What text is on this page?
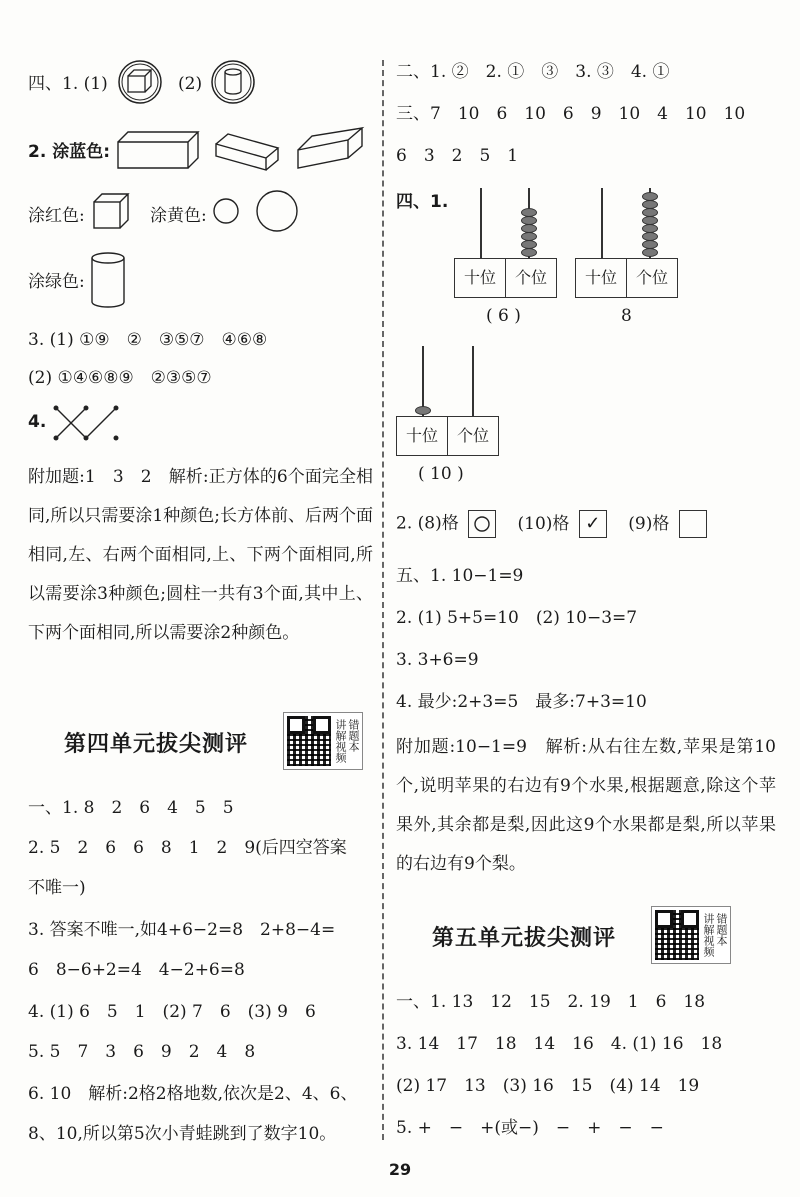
四、1. (1)	(2)
2. 涂蓝色:
涂红色:	涂黄色:
涂绿色:
3. (1) ①⑨　②　③⑤⑦　④⑥⑧
(2) ①④⑥⑧⑨　②③⑤⑦
4.
附加题:1　3　2　解析:正方体的6个面完全相同,所以只需要涂1种颜色;长方体前、后两个面相同,左、右两个面相同,上、下两个面相同,所以需要涂3种颜色;圆柱一共有3个面,其中上、下两个面相同,所以需要涂2种颜色。
第四单元拔尖测评	讲解视频 错题本
一、1. 8　2　6　4　5　5
2. 5　2　6　6　8　1　2　9(后四空答案
不唯一)
3. 答案不唯一,如4+6−2=8　2+8−4=
6　8−6+2=4　4−2+6=8
4. (1) 6　5　1　(2) 7　6　(3) 9　6
5. 5　7　3　6　9　2　4　8
6. 10　解析:2格2格地数,依次是2、4、6、
8、10,所以第5次小青蛙跳到了数字10。
二、1. ②　2. ①　③　3. ③　4. ①
三、7　10　6　10　6　9　10　4　10　10
6　3　2　5　1
四、1.
十位	个位
( 6 )
十位	个位
8
十位	个位
( 10 )
2. (8)格	(10)格 ✓ (9)格
五、1. 10−1=9
2. (1) 5+5=10　(2) 10−3=7
3. 3+6=9
4. 最少:2+3=5　最多:7+3=10
附加题:10−1=9　解析:从右往左数,苹果是第10个,说明苹果的右边有9个水果,根据题意,除这个苹果外,其余都是梨,因此这9个水果都是梨,所以苹果的右边有9个梨。
第五单元拔尖测评	讲解视频 错题本
一、1. 13　12　15　2. 19　1　6　18
3. 14　17　18　14　16　4. (1) 16　18
(2) 17　13　(3) 16　15　(4) 14　19
5. +　−　+(或−)　−　+　−　−
29
